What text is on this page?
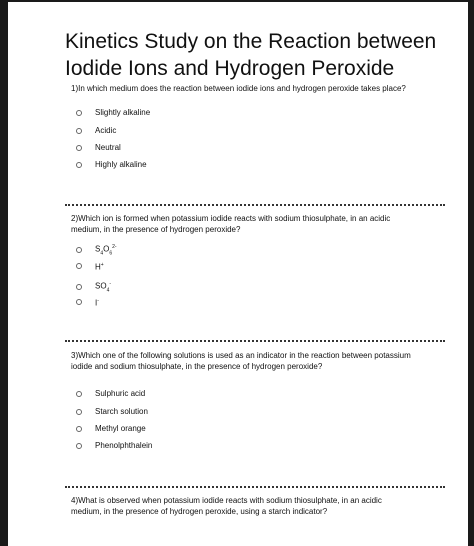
Kinetics Study on the Reaction between Iodide Ions and Hydrogen Peroxide
1)In which medium does the reaction between iodide ions and hydrogen peroxide takes place?
Slightly alkaline
Acidic
Neutral
Highly alkaline
2)Which ion is formed when potassium iodide reacts with sodium thiosulphate, in an acidic medium, in the presence of hydrogen peroxide?
$S_4O_6^{2-}$
H+
$SO_4^-$
I-
3)Which one of the following solutions is used as an indicator in the reaction between potassium iodide and sodium thiosulphate, in the presence of hydrogen peroxide?
Sulphuric acid
Starch solution
Methyl orange
Phenolphthalein
4)What is observed when potassium iodide reacts with sodium thiosulphate, in an acidic medium, in the presence of hydrogen peroxide, using a starch indicator?
